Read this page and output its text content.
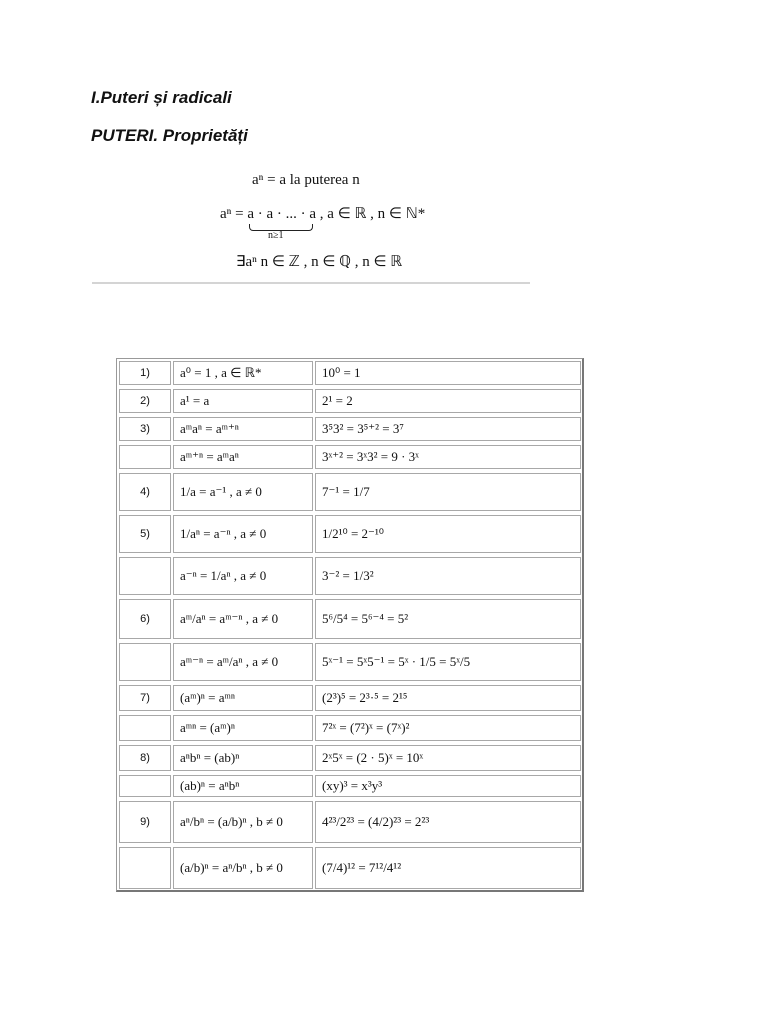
I.Puteri și radicali
PUTERI. Proprietăți
aⁿ = a la puterea n
aⁿ = a · a · ... · a , a ∈ ℝ , n ∈ ℕ*
n≥1
∃aⁿ n ∈ ℤ , n ∈ ℚ , n ∈ ℝ
1) a⁰ = 1 , a ∈ ℝ*	10⁰ = 1
2) a¹ = a	2¹ = 2
3) aᵐaⁿ = aᵐ⁺ⁿ	3⁵3² = 3⁵⁺² = 3⁷
aᵐ⁺ⁿ = aᵐaⁿ	3ˣ⁺² = 3ˣ3² = 9 · 3ˣ
4) 1/a = a⁻¹ , a ≠ 0	7⁻¹ = 1/7
5) 1/aⁿ = a⁻ⁿ , a ≠ 0	1/2¹⁰ = 2⁻¹⁰
a⁻ⁿ = 1/aⁿ , a ≠ 0	3⁻² = 1/3²
6) aᵐ/aⁿ = aᵐ⁻ⁿ , a ≠ 0	5⁶/5⁴ = 5⁶⁻⁴ = 5²
aᵐ⁻ⁿ = aᵐ/aⁿ , a ≠ 0	5ˣ⁻¹ = 5ˣ5⁻¹ = 5ˣ · 1/5 = 5ˣ/5
7) (aᵐ)ⁿ = aᵐⁿ	(2³)⁵ = 2³·⁵ = 2¹⁵
aᵐⁿ = (aᵐ)ⁿ	7²ˣ = (7²)ˣ = (7ˣ)²
8) aⁿbⁿ = (ab)ⁿ	2ˣ5ˣ = (2 · 5)ˣ = 10ˣ
(ab)ⁿ = aⁿbⁿ	(xy)³ = x³y³
9) aⁿ/bⁿ = (a/b)ⁿ , b ≠ 0	4²³/2²³ = (4/2)²³ = 2²³
(a/b)ⁿ = aⁿ/bⁿ , b ≠ 0	(7/4)¹² = 7¹²/4¹²
